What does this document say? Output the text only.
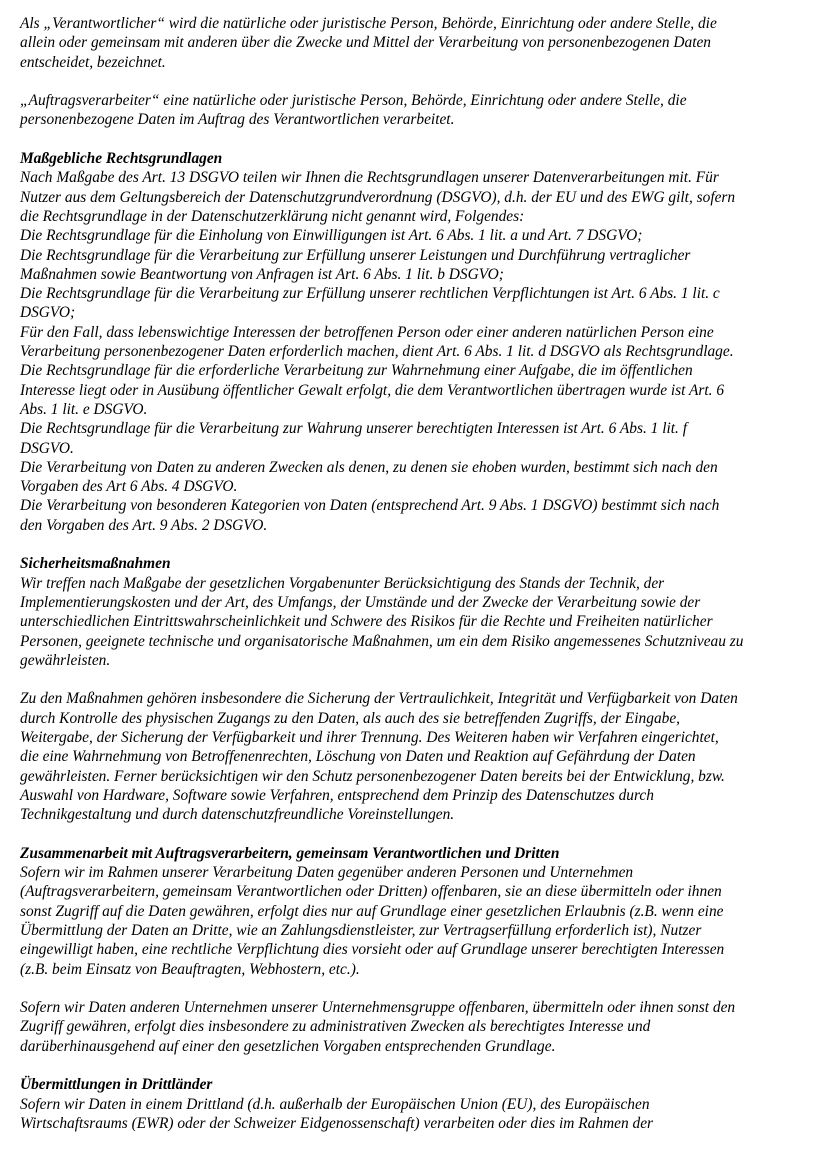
Als „Verantwortlicher“ wird die natürliche oder juristische Person, Behörde, Einrichtung oder andere Stelle, die
allein oder gemeinsam mit anderen über die Zwecke und Mittel der Verarbeitung von personenbezogenen Daten
entscheidet, bezeichnet.
„Auftragsverarbeiter“ eine natürliche oder juristische Person, Behörde, Einrichtung oder andere Stelle, die
personenbezogene Daten im Auftrag des Verantwortlichen verarbeitet.
Maßgebliche Rechtsgrundlagen
Nach Maßgabe des Art. 13 DSGVO teilen wir Ihnen die Rechtsgrundlagen unserer Datenverarbeitungen mit. Für
Nutzer aus dem Geltungsbereich der Datenschutzgrundverordnung (DSGVO), d.h. der EU und des EWG gilt, sofern
die Rechtsgrundlage in der Datenschutzerklärung nicht genannt wird, Folgendes:
Die Rechtsgrundlage für die Einholung von Einwilligungen ist Art. 6 Abs. 1 lit. a und Art. 7 DSGVO;
Die Rechtsgrundlage für die Verarbeitung zur Erfüllung unserer Leistungen und Durchführung vertraglicher
Maßnahmen sowie Beantwortung von Anfragen ist Art. 6 Abs. 1 lit. b DSGVO;
Die Rechtsgrundlage für die Verarbeitung zur Erfüllung unserer rechtlichen Verpflichtungen ist Art. 6 Abs. 1 lit. c
DSGVO;
Für den Fall, dass lebenswichtige Interessen der betroffenen Person oder einer anderen natürlichen Person eine
Verarbeitung personenbezogener Daten erforderlich machen, dient Art. 6 Abs. 1 lit. d DSGVO als Rechtsgrundlage.
Die Rechtsgrundlage für die erforderliche Verarbeitung zur Wahrnehmung einer Aufgabe, die im öffentlichen
Interesse liegt oder in Ausübung öffentlicher Gewalt erfolgt, die dem Verantwortlichen übertragen wurde ist Art. 6
Abs. 1 lit. e DSGVO.
Die Rechtsgrundlage für die Verarbeitung zur Wahrung unserer berechtigten Interessen ist Art. 6 Abs. 1 lit. f
DSGVO.
Die Verarbeitung von Daten zu anderen Zwecken als denen, zu denen sie ehoben wurden, bestimmt sich nach den
Vorgaben des Art 6 Abs. 4 DSGVO.
Die Verarbeitung von besonderen Kategorien von Daten (entsprechend Art. 9 Abs. 1 DSGVO) bestimmt sich nach
den Vorgaben des Art. 9 Abs. 2 DSGVO.
Sicherheitsmaßnahmen
Wir treffen nach Maßgabe der gesetzlichen Vorgabenunter Berücksichtigung des Stands der Technik, der
Implementierungskosten und der Art, des Umfangs, der Umstände und der Zwecke der Verarbeitung sowie der
unterschiedlichen Eintrittswahrscheinlichkeit und Schwere des Risikos für die Rechte und Freiheiten natürlicher
Personen, geeignete technische und organisatorische Maßnahmen, um ein dem Risiko angemessenes Schutzniveau zu
gewährleisten.
Zu den Maßnahmen gehören insbesondere die Sicherung der Vertraulichkeit, Integrität und Verfügbarkeit von Daten
durch Kontrolle des physischen Zugangs zu den Daten, als auch des sie betreffenden Zugriffs, der Eingabe,
Weitergabe, der Sicherung der Verfügbarkeit und ihrer Trennung. Des Weiteren haben wir Verfahren eingerichtet,
die eine Wahrnehmung von Betroffenenrechten, Löschung von Daten und Reaktion auf Gefährdung der Daten
gewährleisten. Ferner berücksichtigen wir den Schutz personenbezogener Daten bereits bei der Entwicklung, bzw.
Auswahl von Hardware, Software sowie Verfahren, entsprechend dem Prinzip des Datenschutzes durch
Technikgestaltung und durch datenschutzfreundliche Voreinstellungen.
Zusammenarbeit mit Auftragsverarbeitern, gemeinsam Verantwortlichen und Dritten
Sofern wir im Rahmen unserer Verarbeitung Daten gegenüber anderen Personen und Unternehmen
(Auftragsverarbeitern, gemeinsam Verantwortlichen oder Dritten) offenbaren, sie an diese übermitteln oder ihnen
sonst Zugriff auf die Daten gewähren, erfolgt dies nur auf Grundlage einer gesetzlichen Erlaubnis (z.B. wenn eine
Übermittlung der Daten an Dritte, wie an Zahlungsdienstleister, zur Vertragserfüllung erforderlich ist), Nutzer
eingewilligt haben, eine rechtliche Verpflichtung dies vorsieht oder auf Grundlage unserer berechtigten Interessen
(z.B. beim Einsatz von Beauftragten, Webhostern, etc.).
Sofern wir Daten anderen Unternehmen unserer Unternehmensgruppe offenbaren, übermitteln oder ihnen sonst den
Zugriff gewähren, erfolgt dies insbesondere zu administrativen Zwecken als berechtigtes Interesse und
darüberhinausgehend auf einer den gesetzlichen Vorgaben entsprechenden Grundlage.
Übermittlungen in Drittländer
Sofern wir Daten in einem Drittland (d.h. außerhalb der Europäischen Union (EU), des Europäischen
Wirtschaftsraums (EWR) oder der Schweizer Eidgenossenschaft) verarbeiten oder dies im Rahmen der
